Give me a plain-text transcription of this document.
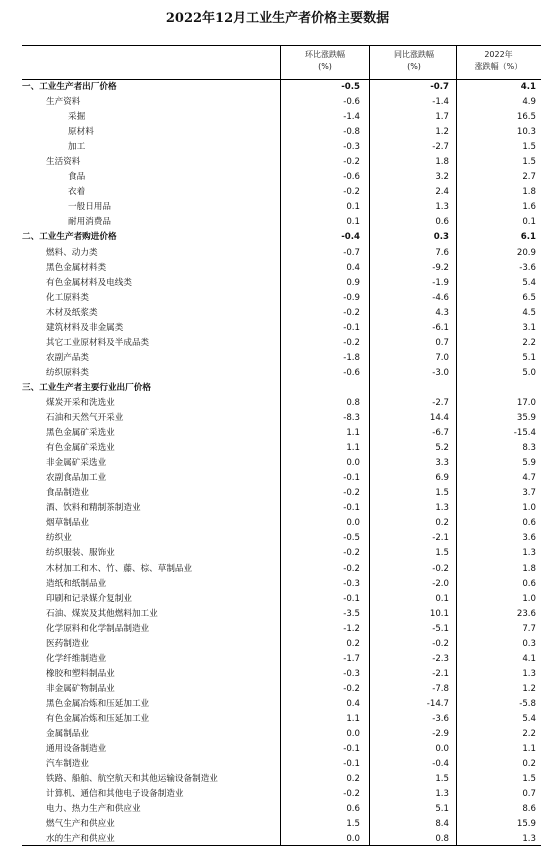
2022年12月工业生产者价格主要数据
环比涨跌幅
(%)
同比涨跌幅
(%)
2022年
涨跌幅（%）
一、工业生产者出厂价格	-0.5	-0.7	4.1
生产资料	-0.6	-1.4	4.9
采掘	-1.4	1.7	16.5
原材料	-0.8	1.2	10.3
加工	-0.3	-2.7	1.5
生活资料	-0.2	1.8	1.5
食品	-0.6	3.2	2.7
衣着	-0.2	2.4	1.8
一般日用品	0.1	1.3	1.6
耐用消费品	0.1	0.6	0.1
二、工业生产者购进价格	-0.4	0.3	6.1
燃料、动力类	-0.7	7.6	20.9
黑色金属材料类	0.4	-9.2	-3.6
有色金属材料及电线类	0.9	-1.9	5.4
化工原料类	-0.9	-4.6	6.5
木材及纸浆类	-0.2	4.3	4.5
建筑材料及非金属类	-0.1	-6.1	3.1
其它工业原材料及半成品类	-0.2	0.7	2.2
农副产品类	-1.8	7.0	5.1
纺织原料类	-0.6	-3.0	5.0
三、工业生产者主要行业出厂价格
煤炭开采和洗选业	0.8	-2.7	17.0
石油和天然气开采业	-8.3	14.4	35.9
黑色金属矿采选业	1.1	-6.7	-15.4
有色金属矿采选业	1.1	5.2	8.3
非金属矿采选业	0.0	3.3	5.9
农副食品加工业	-0.1	6.9	4.7
食品制造业	-0.2	1.5	3.7
酒、饮料和精制茶制造业	-0.1	1.3	1.0
烟草制品业	0.0	0.2	0.6
纺织业	-0.5	-2.1	3.6
纺织服装、服饰业	-0.2	1.5	1.3
木材加工和木、竹、藤、棕、草制品业	-0.2	-0.2	1.8
造纸和纸制品业	-0.3	-2.0	0.6
印刷和记录媒介复制业	-0.1	0.1	1.0
石油、煤炭及其他燃料加工业	-3.5	10.1	23.6
化学原料和化学制品制造业	-1.2	-5.1	7.7
医药制造业	0.2	-0.2	0.3
化学纤维制造业	-1.7	-2.3	4.1
橡胶和塑料制品业	-0.3	-2.1	1.3
非金属矿物制品业	-0.2	-7.8	1.2
黑色金属冶炼和压延加工业	0.4	-14.7	-5.8
有色金属冶炼和压延加工业	1.1	-3.6	5.4
金属制品业	0.0	-2.9	2.2
通用设备制造业	-0.1	0.0	1.1
汽车制造业	-0.1	-0.4	0.2
铁路、船舶、航空航天和其他运输设备制造业	0.2	1.5	1.5
计算机、通信和其他电子设备制造业	-0.2	1.3	0.7
电力、热力生产和供应业	0.6	5.1	8.6
燃气生产和供应业	1.5	8.4	15.9
水的生产和供应业	0.0	0.8	1.3
